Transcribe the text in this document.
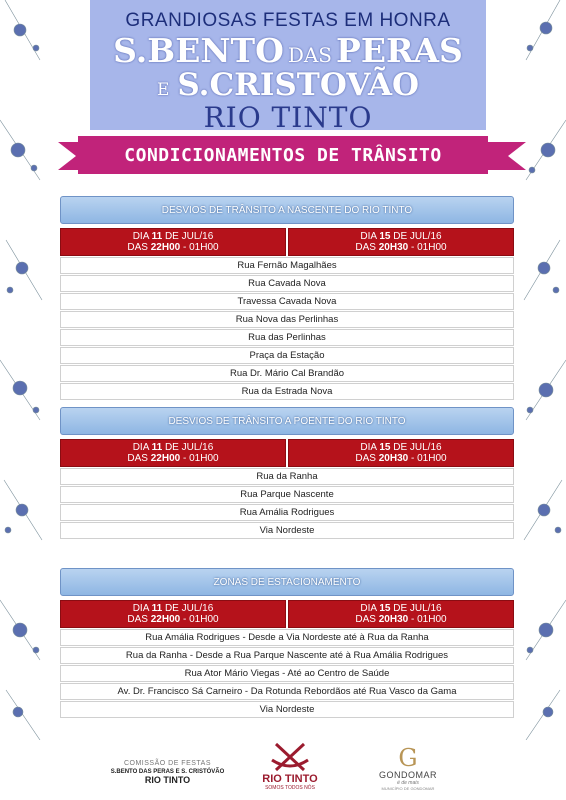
GRANDIOSAS FESTAS EM HONRA
S.BENTO DAS PERAS
E S.CRISTOVÃO
RIO TINTO
CONDICIONAMENTOS DE TRÂNSITO
DESVIOS DE TRÂNSITO A NASCENTE DO RIO TINTO
DIA 11 DE JUL/16
DAS 22H00 - 01H00
DIA 15 DE JUL/16
DAS 20H30 - 01H00
Rua Fernão Magalhães
Rua Cavada Nova
Travessa Cavada Nova
Rua Nova das Perlinhas
Rua das Perlinhas
Praça da Estação
Rua Dr. Mário Cal Brandão
Rua da Estrada Nova
DESVIOS DE TRÂNSITO A POENTE DO RIO TINTO
DIA 11 DE JUL/16
DAS 22H00 - 01H00
DIA 15 DE JUL/16
DAS 20H30 - 01H00
Rua da Ranha
Rua Parque Nascente
Rua Amália Rodrigues
Via Nordeste
ZONAS DE ESTACIONAMENTO
DIA 11 DE JUL/16
DAS 22H00 - 01H00
DIA 15 DE JUL/16
DAS 20H30 - 01H00
Rua Amália Rodrigues - Desde a Via Nordeste até à Rua da Ranha
Rua da Ranha - Desde a Rua Parque Nascente até à Rua Amália Rodrigues
Rua Ator Mário Viegas - Até ao Centro de Saúde
Av. Dr. Francisco Sá Carneiro - Da Rotunda Rebordãos até Rua Vasco da Gama
Via Nordeste
COMISSÃO DE FESTAS
S.BENTO DAS PERAS E S. CRISTÓVÃO
RIO TINTO	RIO TINTO
SOMOS TODOS NÓS
G
GONDOMAR
é de mais
MUNICÍPIO DE GONDOMAR
